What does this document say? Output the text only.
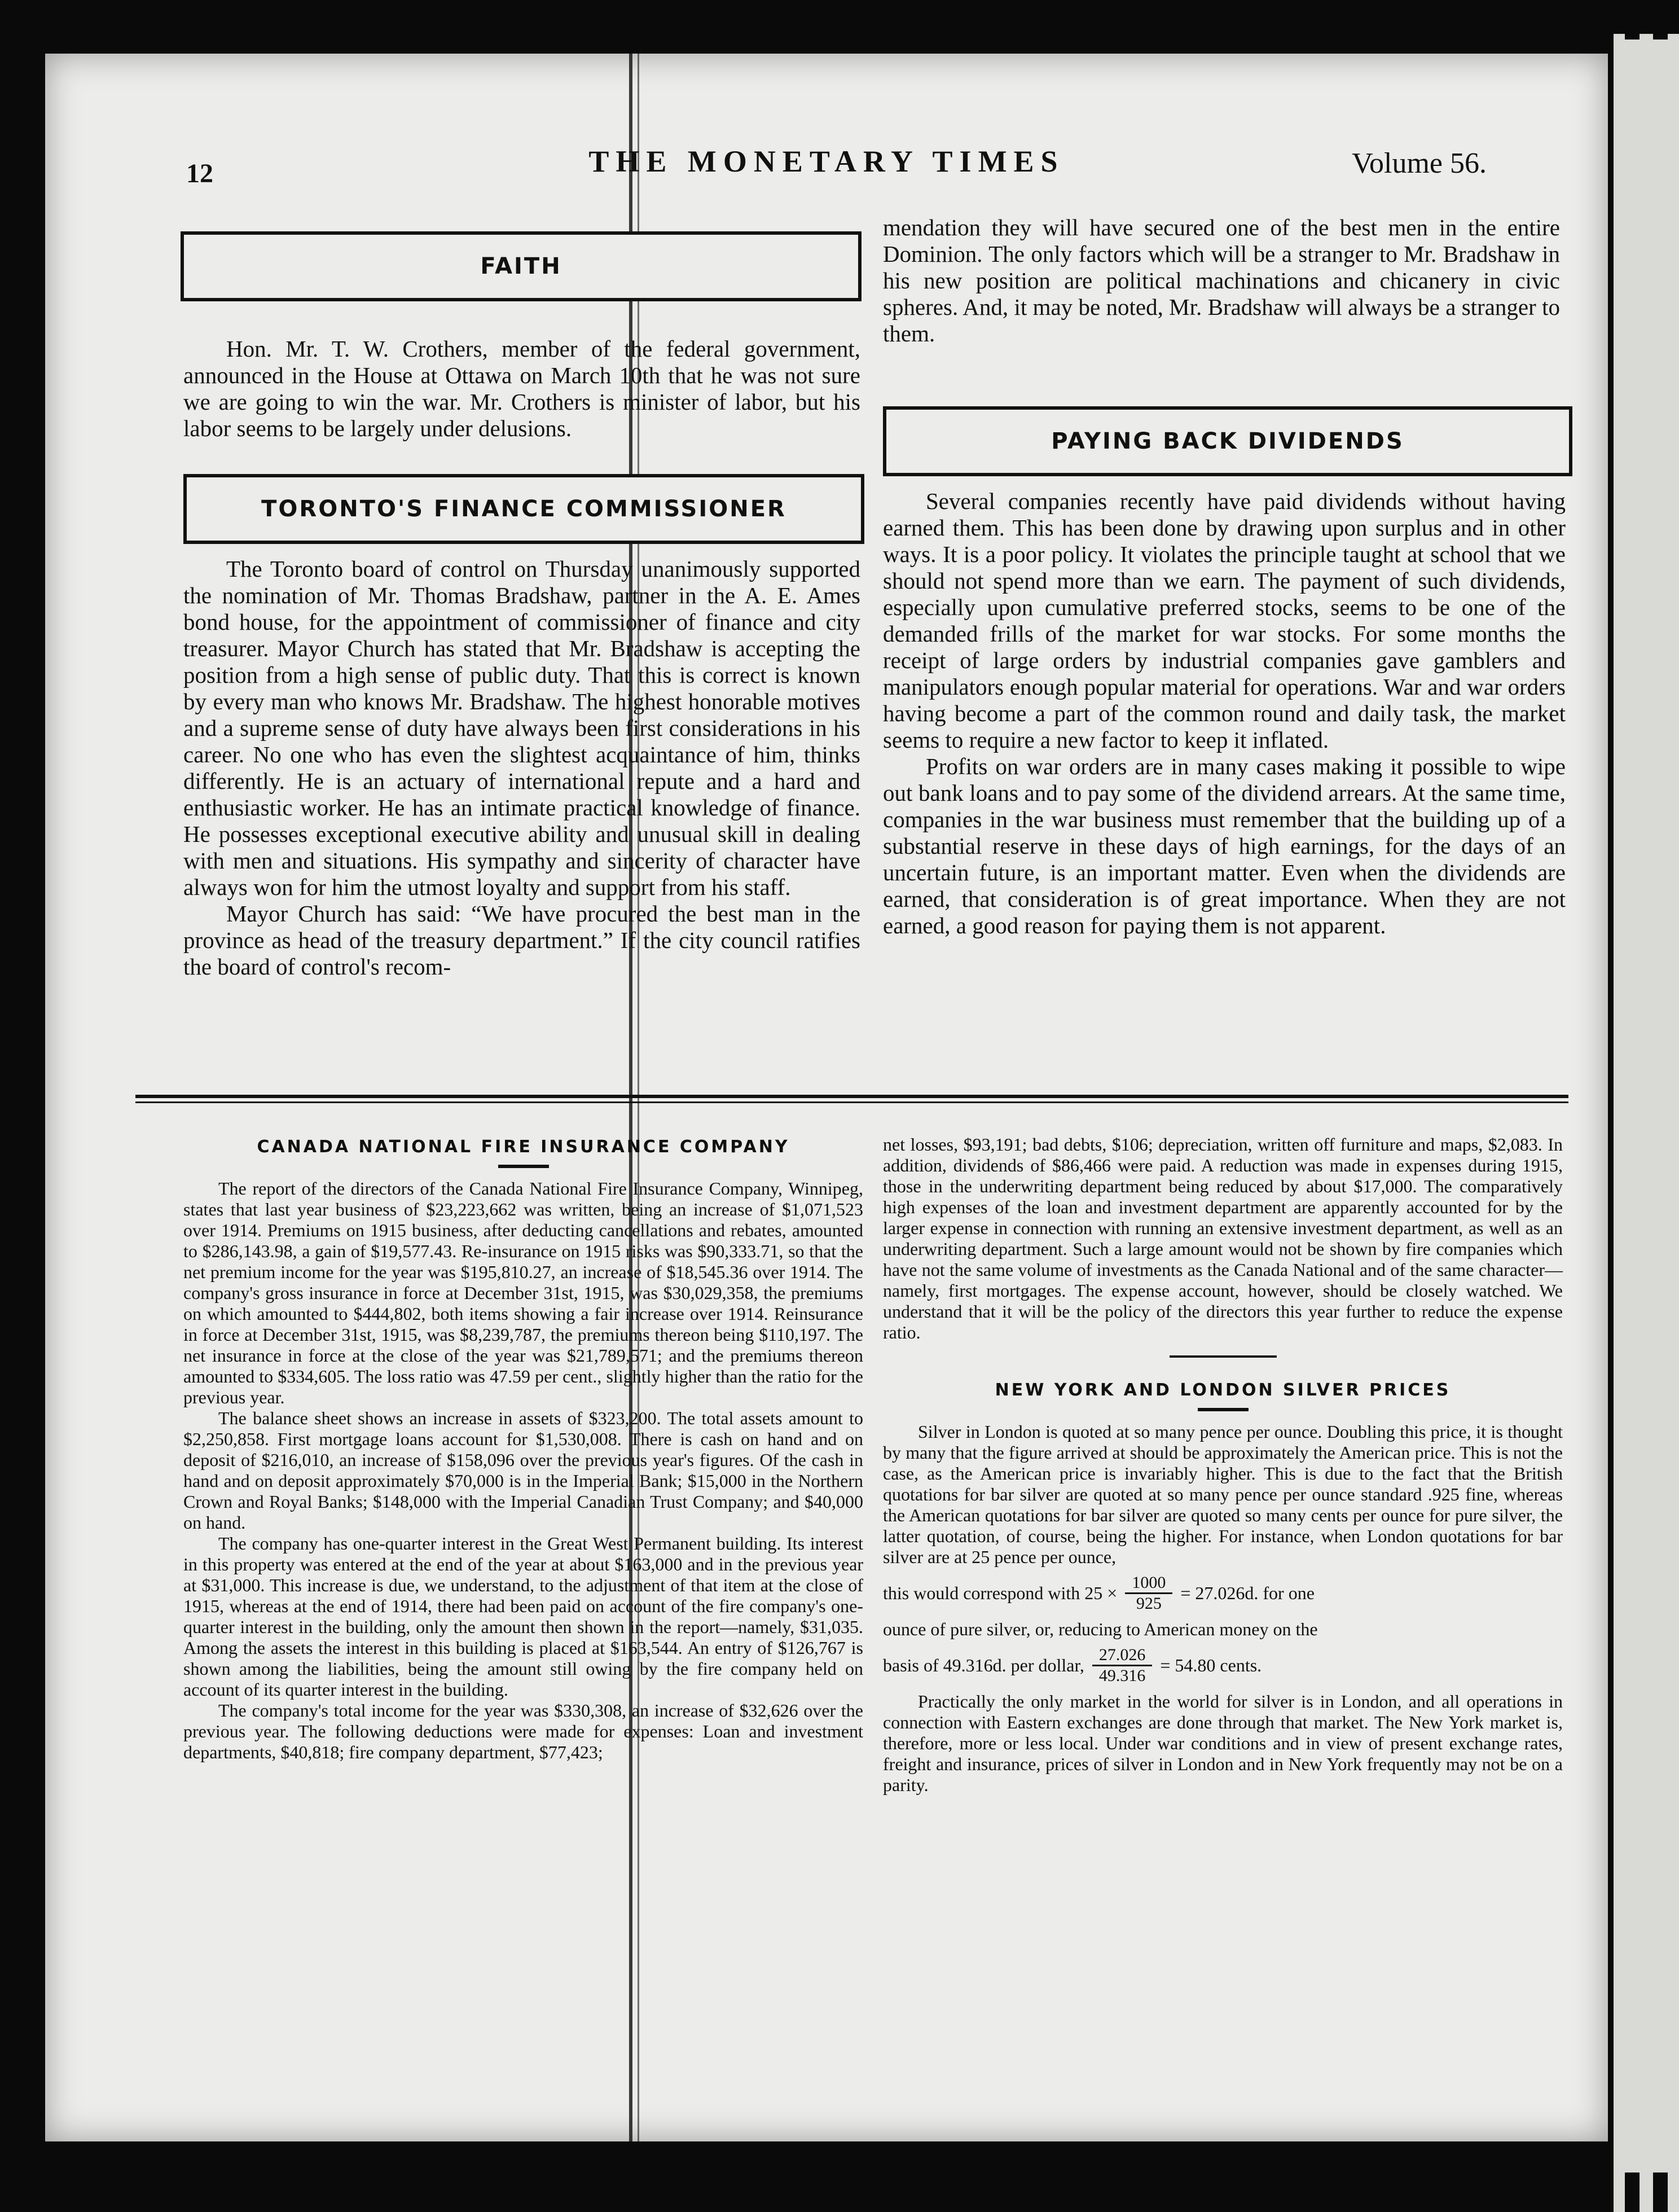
12	THE MONETARY TIMES	Volume 56.
FAITH

Hon. Mr. T. W. Crothers, member of the federal government, announced in the House at Ottawa on March 10th that he was not sure we are going to win the war. Mr. Crothers is minister of labor, but his labor seems to be largely under delusions.

TORONTO'S FINANCE COMMISSIONER

The Toronto board of control on Thursday unanimously supported the nomination of Mr. Thomas Bradshaw, partner in the A. E. Ames bond house, for the appointment of commissioner of finance and city treasurer. Mayor Church has stated that Mr. Bradshaw is accepting the position from a high sense of public duty. That this is correct is known by every man who knows Mr. Bradshaw. The highest honorable motives and a supreme sense of duty have always been first considerations in his career. No one who has even the slightest acquaintance of him, thinks differently. He is an actuary of international repute and a hard and enthusiastic worker. He has an intimate practical knowledge of finance. He possesses exceptional executive ability and unusual skill in dealing with men and situations. His sympathy and sincerity of character have always won for him the utmost loyalty and support from his staff.

Mayor Church has said: “We have procured the best man in the province as head of the treasury department.” If the city council ratifies the board of control's recom-

mendation they will have secured one of the best men in the entire Dominion. The only factors which will be a stranger to Mr. Bradshaw in his new position are political machinations and chicanery in civic spheres. And, it may be noted, Mr. Bradshaw will always be a stranger to them.

PAYING BACK DIVIDENDS

Several companies recently have paid dividends without having earned them. This has been done by drawing upon surplus and in other ways. It is a poor policy. It violates the principle taught at school that we should not spend more than we earn. The payment of such dividends, especially upon cumulative preferred stocks, seems to be one of the demanded frills of the market for war stocks. For some months the receipt of large orders by industrial companies gave gamblers and manipulators enough popular material for operations. War and war orders having become a part of the common round and daily task, the market seems to require a new factor to keep it inflated.

Profits on war orders are in many cases making it possible to wipe out bank loans and to pay some of the dividend arrears. At the same time, companies in the war business must remember that the building up of a substantial reserve in these days of high earnings, for the days of an uncertain future, is an important matter. Even when the dividends are earned, that consideration is of great importance. When they are not earned, a good reason for paying them is not apparent.

CANADA NATIONAL FIRE INSURANCE COMPANY

The report of the directors of the Canada National Fire Insurance Company, Winnipeg, states that last year business of $23,223,662 was written, being an increase of $1,071,523 over 1914. Premiums on 1915 business, after deducting cancellations and rebates, amounted to $286,143.98, a gain of $19,577.43. Re-insurance on 1915 risks was $90,333.71, so that the net premium income for the year was $195,810.27, an increase of $18,545.36 over 1914. The company's gross insurance in force at December 31st, 1915, was $30,029,358, the premiums on which amounted to $444,802, both items showing a fair increase over 1914. Reinsurance in force at December 31st, 1915, was $8,239,787, the premiums thereon being $110,197. The net insurance in force at the close of the year was $21,789,571; and the premiums thereon amounted to $334,605. The loss ratio was 47.59 per cent., slightly higher than the ratio for the previous year.

The balance sheet shows an increase in assets of $323,200. The total assets amount to $2,250,858. First mortgage loans account for $1,530,008. There is cash on hand and on deposit of $216,010, an increase of $158,096 over the previous year's figures. Of the cash in hand and on deposit approximately $70,000 is in the Imperial Bank; $15,000 in the Northern Crown and Royal Banks; $148,000 with the Imperial Canadian Trust Company; and $40,000 on hand.

The company has one-quarter interest in the Great West Permanent building. Its interest in this property was entered at the end of the year at about $163,000 and in the previous year at $31,000. This increase is due, we understand, to the adjustment of that item at the close of 1915, whereas at the end of 1914, there had been paid on account of the fire company's one-quarter interest in the building, only the amount then shown in the report—namely, $31,035. Among the assets the interest in this building is placed at $163,544. An entry of $126,767 is shown among the liabilities, being the amount still owing by the fire company held on account of its quarter interest in the building.

The company's total income for the year was $330,308, an increase of $32,626 over the previous year. The following deductions were made for expenses: Loan and investment departments, $40,818; fire company department, $77,423;

net losses, $93,191; bad debts, $106; depreciation, written off furniture and maps, $2,083. In addition, dividends of $86,466 were paid. A reduction was made in expenses during 1915, those in the underwriting department being reduced by about $17,000. The comparatively high expenses of the loan and investment department are apparently accounted for by the larger expense in connection with running an extensive investment department, as well as an underwriting department. Such a large amount would not be shown by fire companies which have not the same volume of investments as the Canada National and of the same character—namely, first mortgages. The expense account, however, should be closely watched. We understand that it will be the policy of the directors this year further to reduce the expense ratio.

NEW YORK AND LONDON SILVER PRICES

Silver in London is quoted at so many pence per ounce. Doubling this price, it is thought by many that the figure arrived at should be approximately the American price. This is not the case, as the American price is invariably higher. This is due to the fact that the British quotations for bar silver are quoted at so many pence per ounce standard .925 fine, whereas the American quotations for bar silver are quoted so many cents per ounce for pure silver, the latter quotation, of course, being the higher. For instance, when London quotations for bar silver are at 25 pence per ounce,

this would correspond with $25 \times \frac{1000}{925} = 27.026d$. for one

ounce of pure silver, or, reducing to American money on the

basis of 49.316d. per dollar, $\frac{27.026}{49.316} = 54.80$ cents.

Practically the only market in the world for silver is in London, and all operations in connection with Eastern exchanges are done through that market. The New York market is, therefore, more or less local. Under war conditions and in view of present exchange rates, freight and insurance, prices of silver in London and in New York frequently may not be on a parity.
